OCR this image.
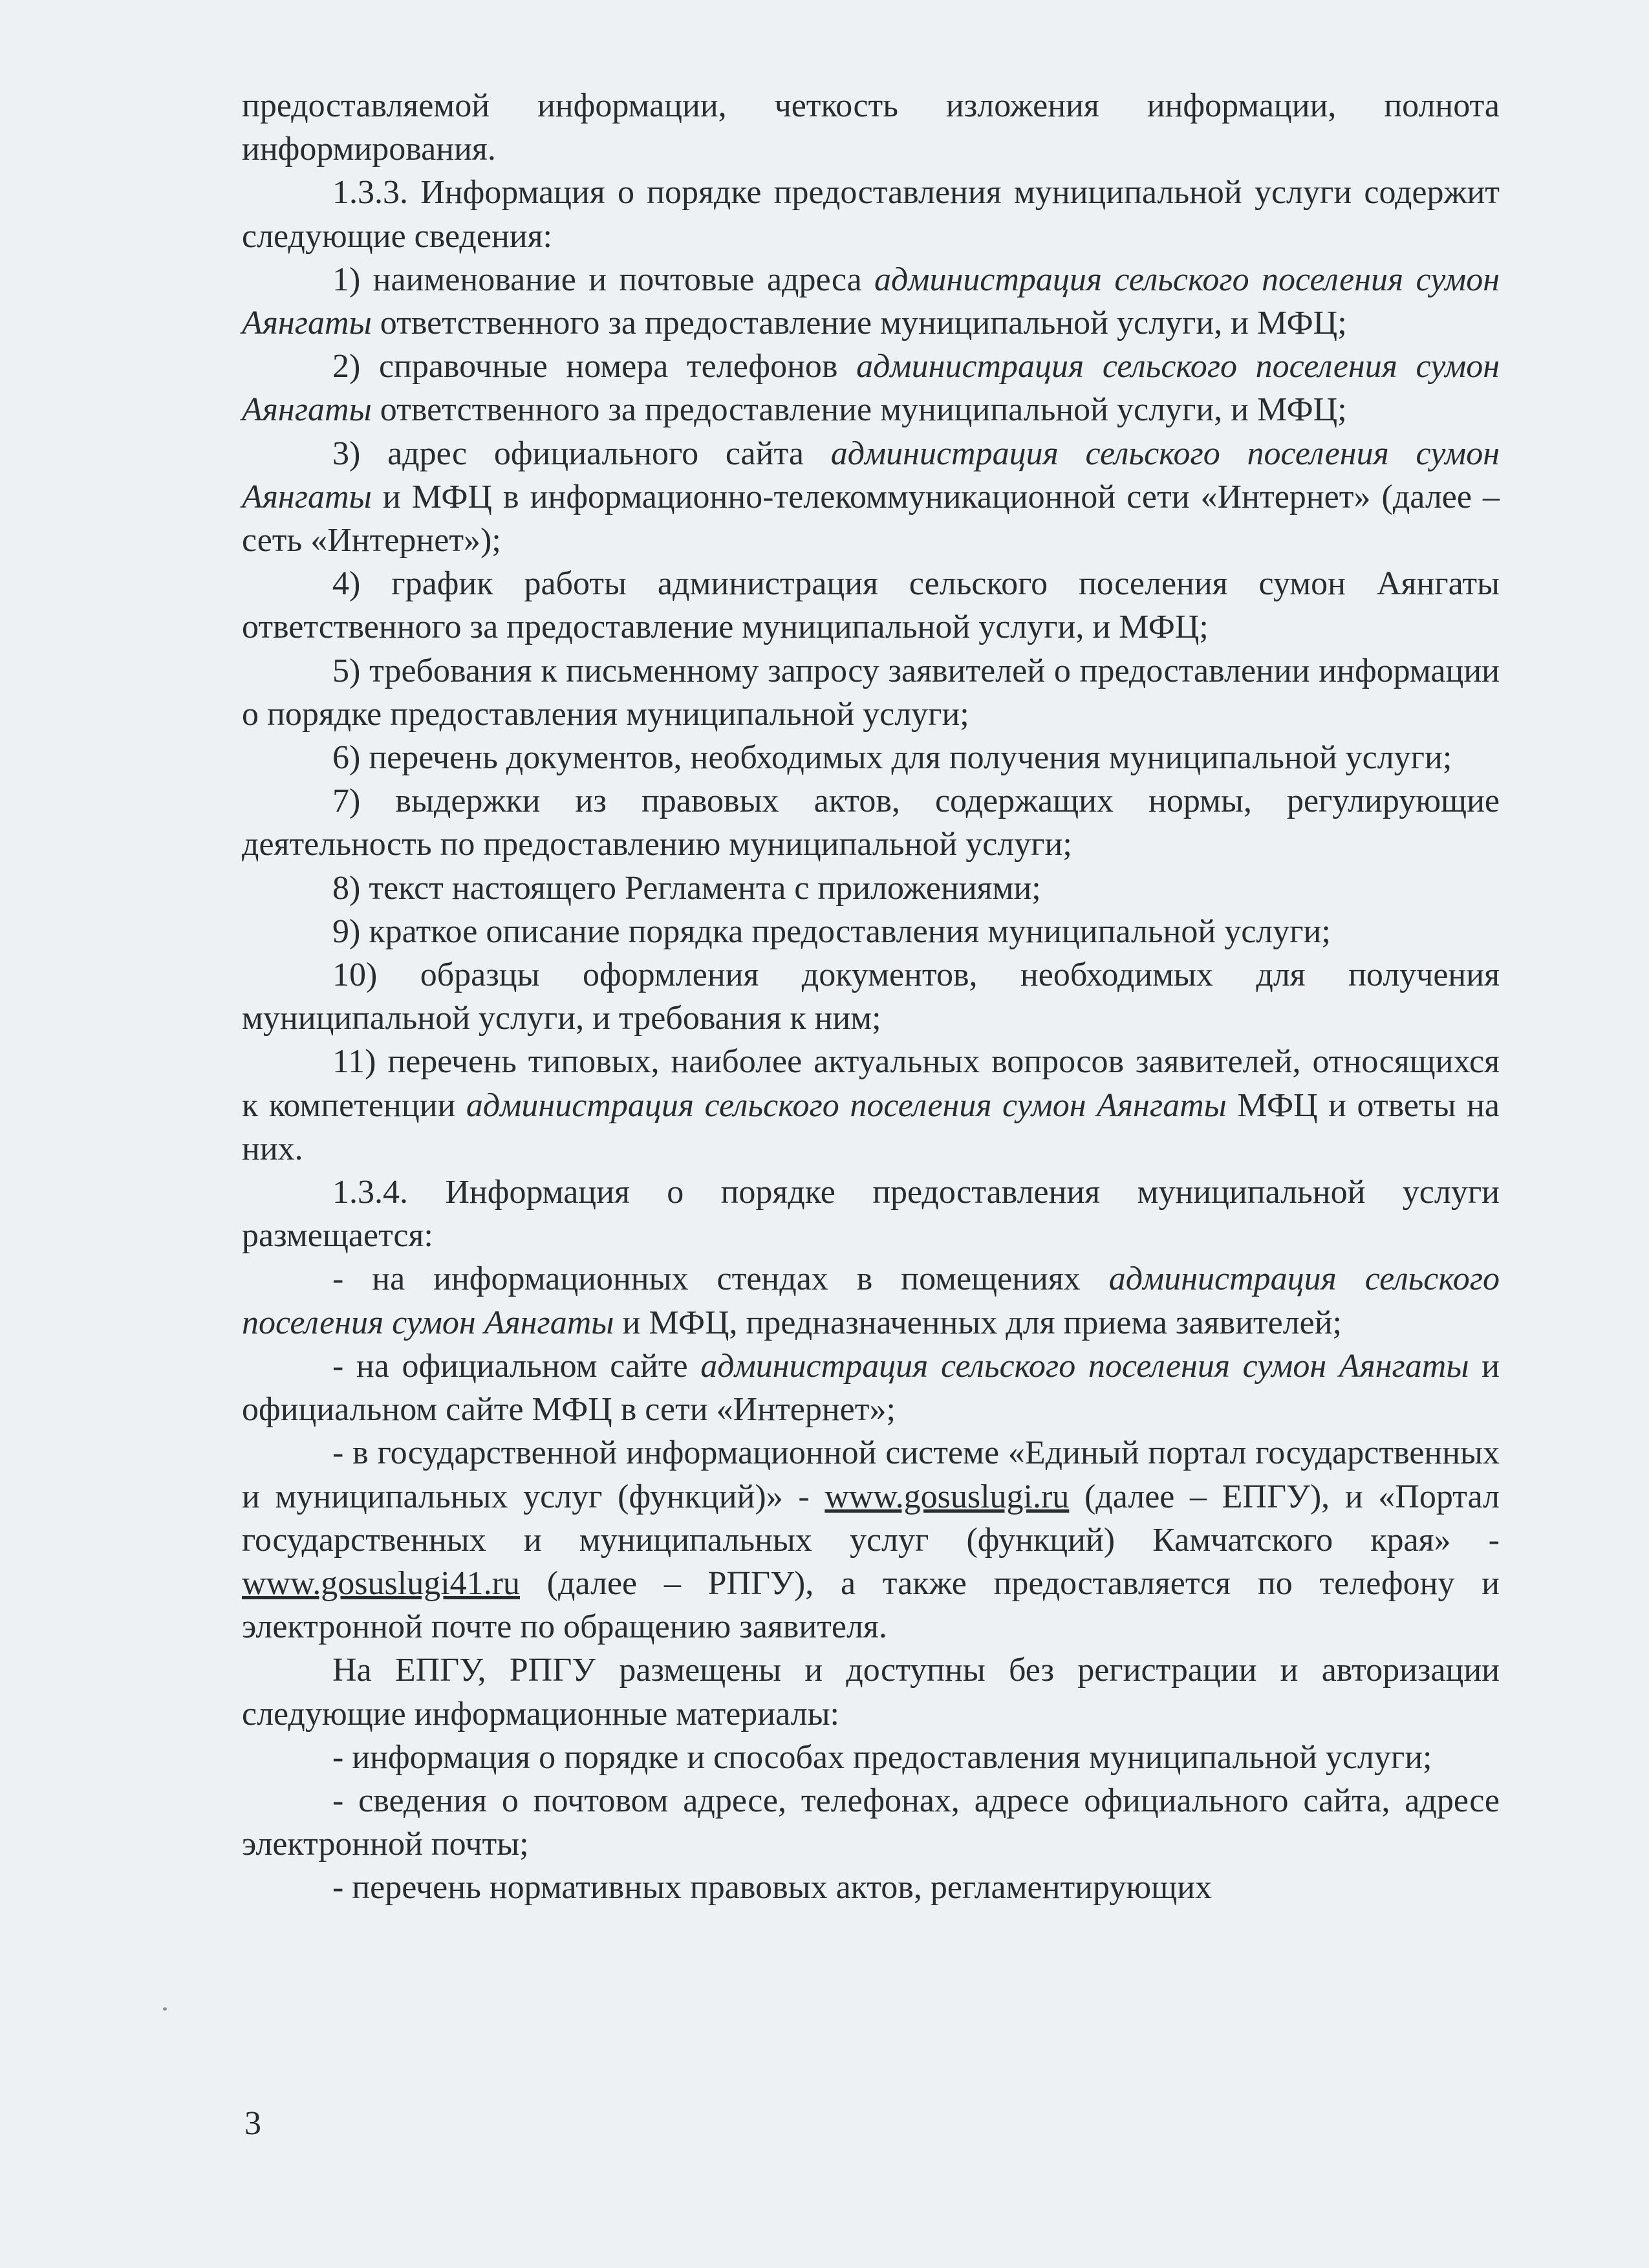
предоставляемой информации, четкость изложения информации, полнота информирования.

1.3.3. Информация о порядке предоставления муниципальной услуги содержит следующие сведения:

1) наименование и почтовые адреса администрация сельского поселения сумон Аянгаты ответственного за предоставление муниципальной услуги, и МФЦ;

2) справочные номера телефонов администрация сельского поселения сумон Аянгаты ответственного за предоставление муниципальной услуги, и МФЦ;

3) адрес официального сайта администрация сельского поселения сумон Аянгаты и МФЦ в информационно-телекоммуникационной сети «Интернет» (далее – сеть «Интернет»);

4) график работы администрация сельского поселения сумон Аянгаты ответственного за предоставление муниципальной услуги, и МФЦ;

5) требования к письменному запросу заявителей о предоставлении информации о порядке предоставления муниципальной услуги;

6) перечень документов, необходимых для получения муниципальной услуги;

7) выдержки из правовых актов, содержащих нормы, регулирующие деятельность по предоставлению муниципальной услуги;

8) текст настоящего Регламента с приложениями;

9) краткое описание порядка предоставления муниципальной услуги;

10) образцы оформления документов, необходимых для получения муниципальной услуги, и требования к ним;

11) перечень типовых, наиболее актуальных вопросов заявителей, относящихся к компетенции администрация сельского поселения сумон Аянгаты МФЦ и ответы на них.

1.3.4. Информация о порядке предоставления муниципальной услуги размещается:

- на информационных стендах в помещениях администрация сельского поселения сумон Аянгаты и МФЦ, предназначенных для приема заявителей;

- на официальном сайте администрация сельского поселения сумон Аянгаты и официальном сайте МФЦ в сети «Интернет»;

- в государственной информационной системе «Единый портал государственных и муниципальных услуг (функций)» - www.gosuslugi.ru (далее – ЕПГУ), и «Портал государственных и муниципальных услуг (функций) Камчатского края» - www.gosuslugi41.ru (далее – РПГУ), а также предоставляется по телефону и электронной почте по обращению заявителя.

На ЕПГУ, РПГУ размещены и доступны без регистрации и авторизации следующие информационные материалы:

- информация о порядке и способах предоставления муниципальной услуги;

- сведения о почтовом адресе, телефонах, адресе официального сайта, адресе электронной почты;

- перечень нормативных правовых актов, регламентирующих

3
